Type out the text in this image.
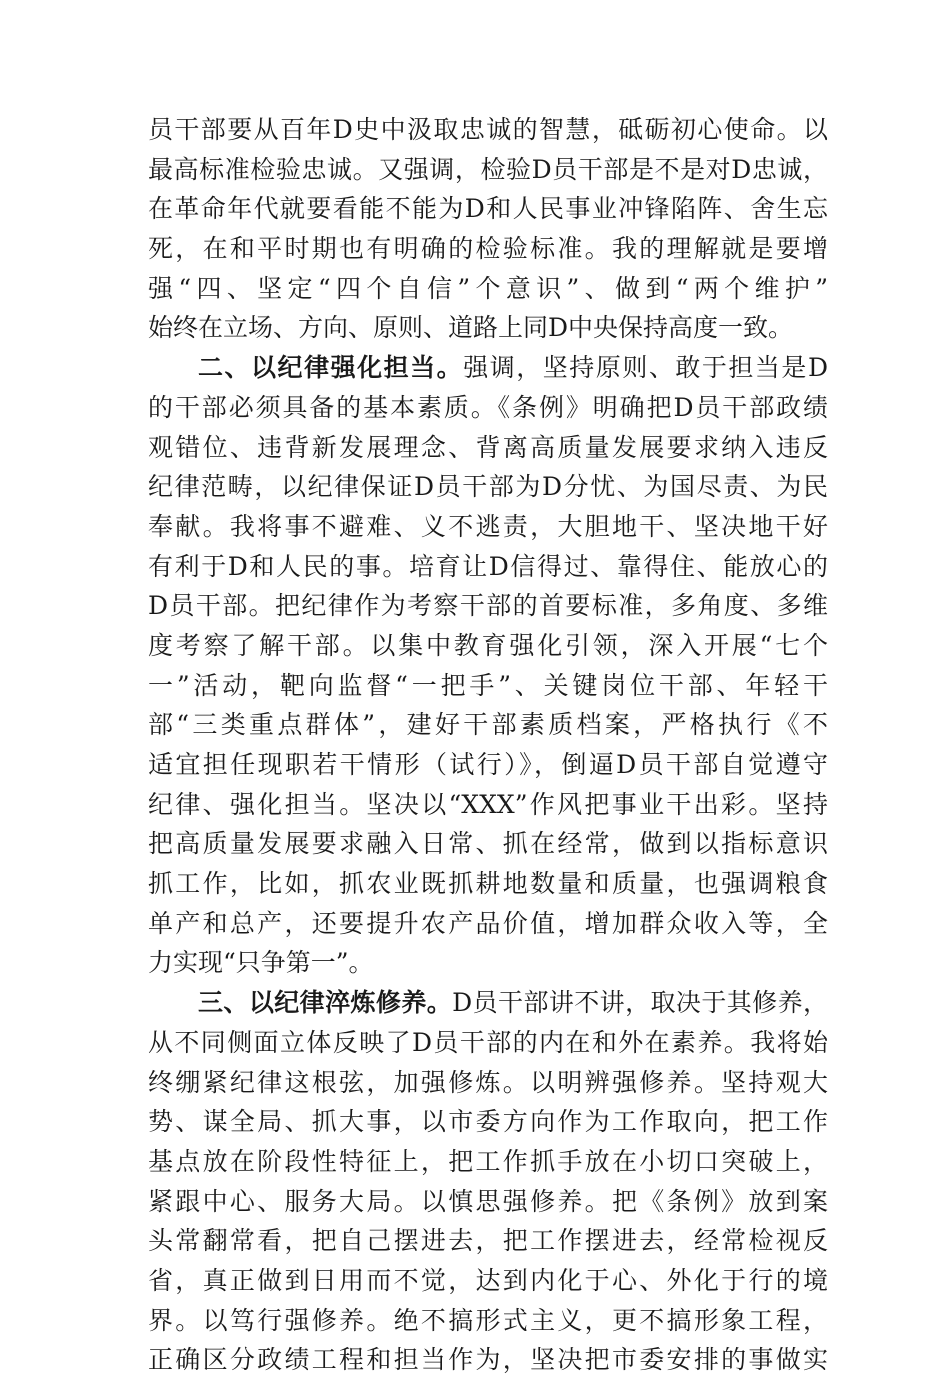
员干部要从百年D史中汲取忠诚的智慧，砥砺初心使命。以
最高标准检验忠诚。又强调，检验D员干部是不是对D忠诚，
在革命年代就要看能不能为D和人民事业冲锋陷阵、舍生忘
死，在和平时期也有明确的检验标准。我的理解就是要增
强“四、坚定“四个自信”个意识”、做到“两个维护”
始终在立场、方向、原则、道路上同D中央保持高度一致。
二、以纪律强化担当。强调，坚持原则、敢于担当是D
的干部必须具备的基本素质。《条例》明确把D员干部政绩
观错位、违背新发展理念、背离高质量发展要求纳入违反
纪律范畴，以纪律保证D员干部为D分忧、为国尽责、为民
奉献。我将事不避难、义不逃责，大胆地干、坚决地干好
有利于D和人民的事。培育让D信得过、靠得住、能放心的
D员干部。把纪律作为考察干部的首要标准，多角度、多维
度考察了解干部。以集中教育强化引领，深入开展“七个
一”活动，靶向监督“一把手”、关键岗位干部、年轻干
部“三类重点群体”，建好干部素质档案，严格执行《不
适宜担任现职若干情形（试行）》，倒逼D员干部自觉遵守
纪律、强化担当。坚决以“XXX”作风把事业干出彩。坚持
把高质量发展要求融入日常、抓在经常，做到以指标意识
抓工作，比如，抓农业既抓耕地数量和质量，也强调粮食
单产和总产，还要提升农产品价值，增加群众收入等，全
力实现“只争第一”。
三、以纪律淬炼修养。D员干部讲不讲，取决于其修养，
从不同侧面立体反映了D员干部的内在和外在素养。我将始
终绷紧纪律这根弦，加强修炼。以明辨强修养。坚持观大
势、谋全局、抓大事，以市委方向作为工作取向，把工作
基点放在阶段性特征上，把工作抓手放在小切口突破上，
紧跟中心、服务大局。以慎思强修养。把《条例》放到案
头常翻常看，把自己摆进去，把工作摆进去，经常检视反
省，真正做到日用而不觉，达到内化于心、外化于行的境
界。以笃行强修养。绝不搞形式主义，更不搞形象工程，
正确区分政绩工程和担当作为，坚决把市委安排的事做实
